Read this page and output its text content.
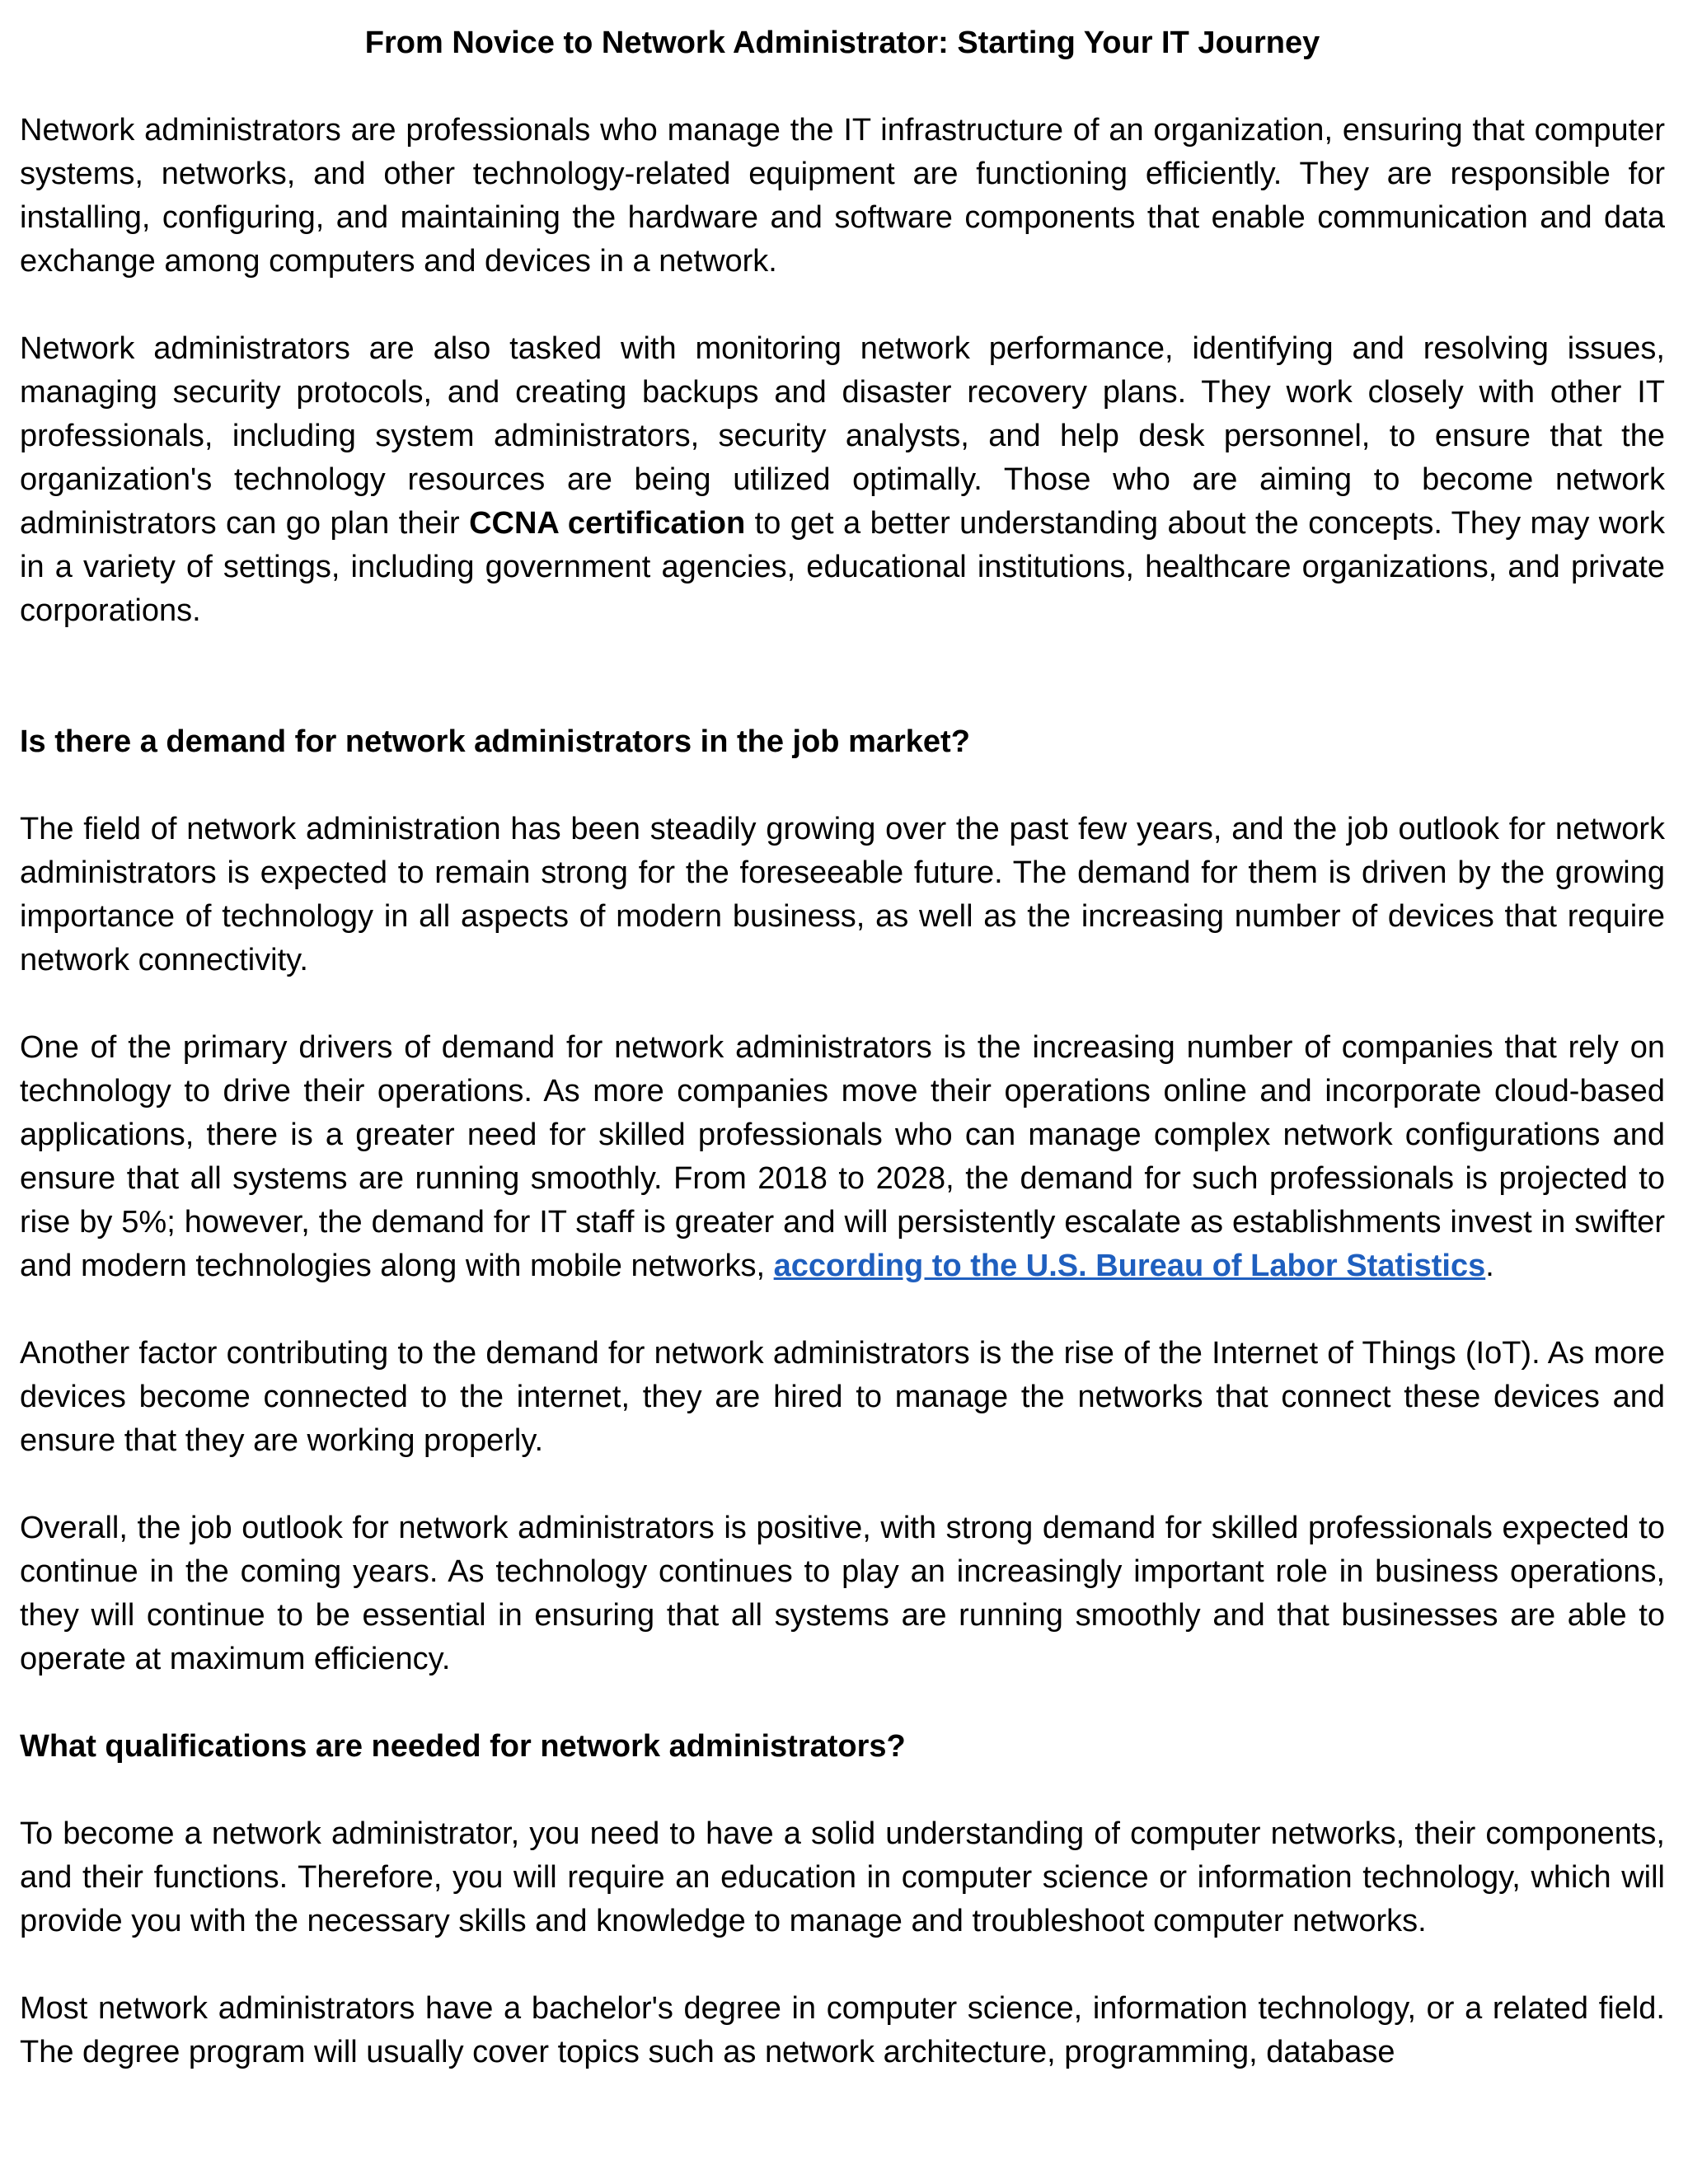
From Novice to Network Administrator: Starting Your IT Journey

Network administrators are professionals who manage the IT infrastructure of an organization, ensuring that computer systems, networks, and other technology-related equipment are functioning efficiently. They are responsible for installing, configuring, and maintaining the hardware and software components that enable communication and data exchange among computers and devices in a network.

Network administrators are also tasked with monitoring network performance, identifying and resolving issues, managing security protocols, and creating backups and disaster recovery plans. They work closely with other IT professionals, including system administrators, security analysts, and help desk personnel, to ensure that the organization's technology resources are being utilized optimally. Those who are aiming to become network administrators can go plan their CCNA certification to get a better understanding about the concepts. They may work in a variety of settings, including government agencies, educational institutions, healthcare organizations, and private corporations.

Is there a demand for network administrators in the job market?

The field of network administration has been steadily growing over the past few years, and the job outlook for network administrators is expected to remain strong for the foreseeable future. The demand for them is driven by the growing importance of technology in all aspects of modern business, as well as the increasing number of devices that require network connectivity.

One of the primary drivers of demand for network administrators is the increasing number of companies that rely on technology to drive their operations. As more companies move their operations online and incorporate cloud-based applications, there is a greater need for skilled professionals who can manage complex network configurations and ensure that all systems are running smoothly. From 2018 to 2028, the demand for such professionals is projected to rise by 5%; however, the demand for IT staff is greater and will persistently escalate as establishments invest in swifter and modern technologies along with mobile networks, according to the U.S. Bureau of Labor Statistics.

Another factor contributing to the demand for network administrators is the rise of the Internet of Things (IoT). As more devices become connected to the internet, they are hired to manage the networks that connect these devices and ensure that they are working properly.

Overall, the job outlook for network administrators is positive, with strong demand for skilled professionals expected to continue in the coming years. As technology continues to play an increasingly important role in business operations, they will continue to be essential in ensuring that all systems are running smoothly and that businesses are able to operate at maximum efficiency.

What qualifications are needed for network administrators?

To become a network administrator, you need to have a solid understanding of computer networks, their components, and their functions. Therefore, you will require an education in computer science or information technology, which will provide you with the necessary skills and knowledge to manage and troubleshoot computer networks.

Most network administrators have a bachelor's degree in computer science, information technology, or a related field. The degree program will usually cover topics such as network architecture, programming, database
